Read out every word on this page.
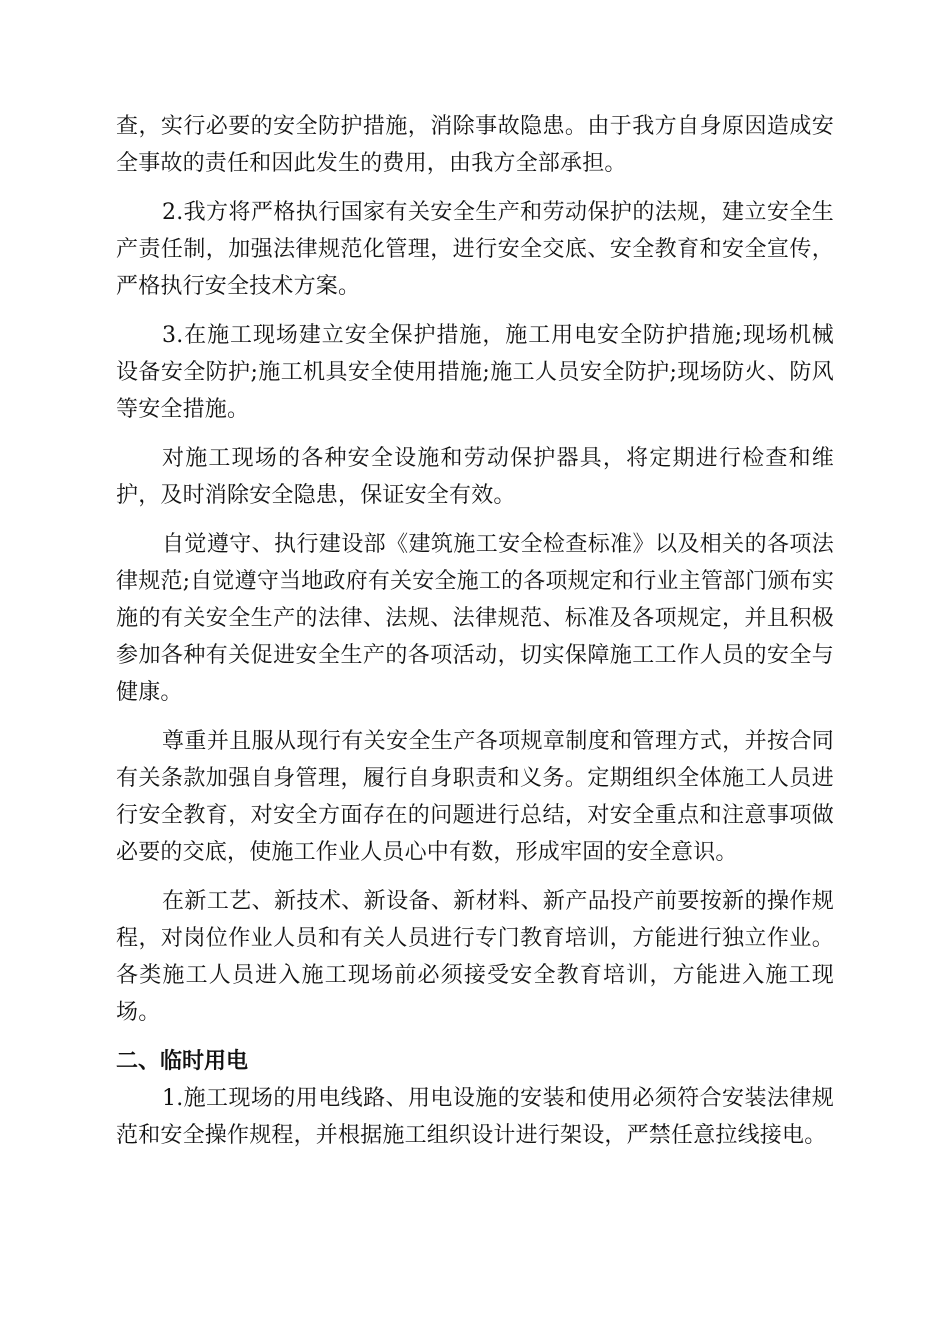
查，实行必要的安全防护措施，消除事故隐患。由于我方自身原因造成安全事故的责任和因此发生的费用，由我方全部承担。

2.我方将严格执行国家有关安全生产和劳动保护的法规，建立安全生产责任制，加强法律规范化管理，进行安全交底、安全教育和安全宣传，严格执行安全技术方案。

3.在施工现场建立安全保护措施，施工用电安全防护措施;现场机械设备安全防护;施工机具安全使用措施;施工人员安全防护;现场防火、防风等安全措施。

对施工现场的各种安全设施和劳动保护器具，将定期进行检查和维护，及时消除安全隐患，保证安全有效。

自觉遵守、执行建设部《建筑施工安全检查标准》以及相关的各项法律规范;自觉遵守当地政府有关安全施工的各项规定和行业主管部门颁布实施的有关安全生产的法律、法规、法律规范、标准及各项规定，并且积极参加各种有关促进安全生产的各项活动，切实保障施工工作人员的安全与健康。

尊重并且服从现行有关安全生产各项规章制度和管理方式，并按合同有关条款加强自身管理，履行自身职责和义务。定期组织全体施工人员进行安全教育，对安全方面存在的问题进行总结，对安全重点和注意事项做必要的交底，使施工作业人员心中有数，形成牢固的安全意识。

在新工艺、新技术、新设备、新材料、新产品投产前要按新的操作规程，对岗位作业人员和有关人员进行专门教育培训，方能进行独立作业。各类施工人员进入施工现场前必须接受安全教育培训，方能进入施工现场。

二、临时用电

1.施工现场的用电线路、用电设施的安装和使用必须符合安装法律规范和安全操作规程，并根据施工组织设计进行架设，严禁任意拉线接电。
